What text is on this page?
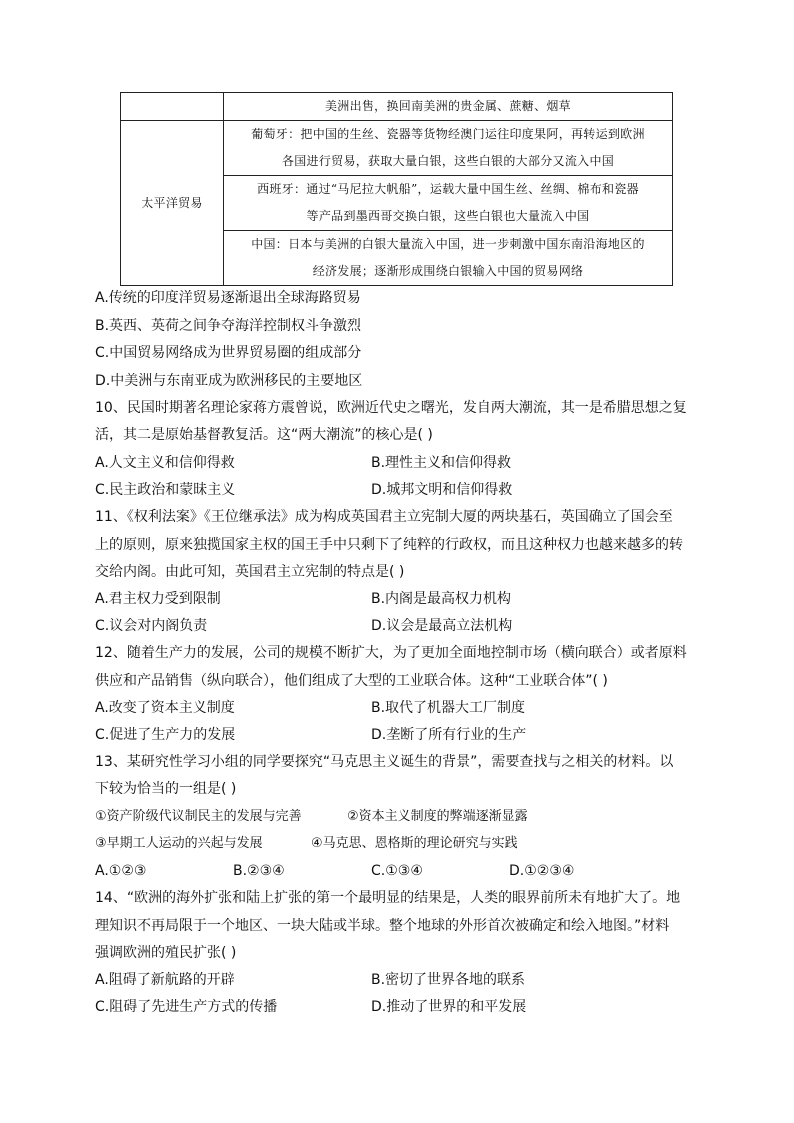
	美洲出售，换回南美洲的贵金属、蔗糖、烟草
太平洋贸易	葡萄牙：把中国的生丝、瓷器等货物经澳门运往印度果阿，再转运到欧洲
各国进行贸易，获取大量白银，这些白银的大部分又流入中国

	西班牙：通过“马尼拉大帆船”，运载大量中国生丝、丝绸、棉布和瓷器
等产品到墨西哥交换白银，这些白银也大量流入中国

	中国：日本与美洲的白银大量流入中国，进一步刺激中国东南沿海地区的
经济发展；逐渐形成围绕白银输入中国的贸易网络
A.传统的印度洋贸易逐渐退出全球海路贸易
B.英西、英荷之间争夺海洋控制权斗争激烈
C.中国贸易网络成为世界贸易圈的组成部分
D.中美洲与东南亚成为欧洲移民的主要地区
10、民国时期著名理论家蒋方震曾说，欧洲近代史之曙光，发自两大潮流，其一是希腊思想之复
活，其二是原始基督教复活。这“两大潮流”的核心是( )
A.人文主义和信仰得救	B.理性主义和信仰得救
C.民主政治和蒙昧主义	D.城邦文明和信仰得救
11、《权利法案》《王位继承法》成为构成英国君主立宪制大厦的两块基石，英国确立了国会至
上的原则，原来独揽国家主权的国王手中只剩下了纯粹的行政权，而且这种权力也越来越多的转
交给内阁。由此可知，英国君主立宪制的特点是( )
A.君主权力受到限制	B.内阁是最高权力机构
C.议会对内阁负责	D.议会是最高立法机构
12、随着生产力的发展，公司的规模不断扩大，为了更加全面地控制市场（横向联合）或者原料
供应和产品销售（纵向联合），他们组成了大型的工业联合体。这种“工业联合体”( )
A.改变了资本主义制度	B.取代了机器大工厂制度
C.促进了生产力的发展	D.垄断了所有行业的生产
13、某研究性学习小组的同学要探究“马克思主义诞生的背景”，需要查找与之相关的材料。以
下较为恰当的一组是( )
①资产阶级代议制民主的发展与完善	②资本主义制度的弊端逐渐显露
③早期工人运动的兴起与发展	④马克思、恩格斯的理论研究与实践
A.①②③	B.②③④	C.①③④	D.①②③④
14、“欧洲的海外扩张和陆上扩张的第一个最明显的结果是，人类的眼界前所未有地扩大了。地
理知识不再局限于一个地区、一块大陆或半球。整个地球的外形首次被确定和绘入地图。”材料
强调欧洲的殖民扩张( )
A.阻碍了新航路的开辟	B.密切了世界各地的联系
C.阻碍了先进生产方式的传播	D.推动了世界的和平发展
